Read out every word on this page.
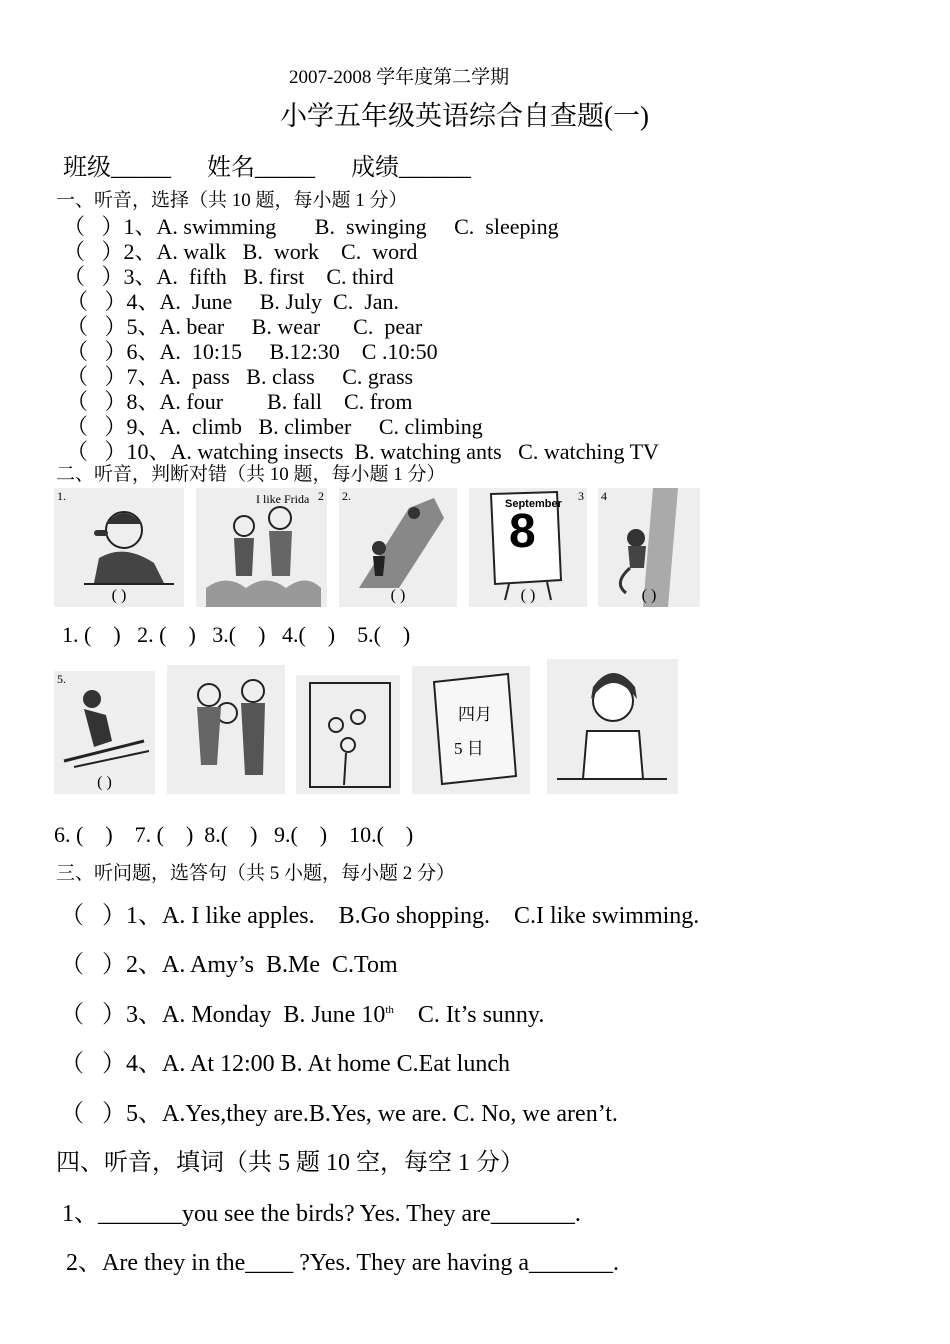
2007-2008 学年度第二学期
小学五年级英语综合自查题(一)
班级_____      姓名_____      成绩______
一、听音，选择（共 10 题，每小题 1 分）
（   ）1、A. swimming       B.  swinging     C.  sleeping
（   ）2、A. walk   B.  work    C.  word
（   ）3、A.  fifth   B. first    C. third
（   ）4、A.  June     B. July  C.  Jan.
（   ）5、A. bear     B. wear      C.  pear
（   ）6、A.  10:15     B.12:30    C .10:50
（   ）7、A.  pass   B. class     C. grass
（   ）8、A. four        B. fall    C. from
（   ）9、A.  climb   B. climber     C. climbing
（   ）10、A. watching insects  B. watching ants   C. watching TV
二、听音，判断对错（共 10 题，每小题 1 分）
1.
( )
2
I like Frida	2.
( )
3
September
8
( )
4
( )
1. (    )   2. (    )   3.(    )   4.(    )    5.(    )
5.
( )
四月
5 日
6. (    )    7. (    )  8.(    )   9.(    )    10.(    )
三、听问题，选答句（共 5 小题，每小题 2 分）
（   ）1、A. I like apples.    B.Go shopping.    C.I like swimming.
（   ）2、A. Amy’s  B.Me  C.Tom
（   ）3、A. Monday  B. June 10th    C. It’s sunny.
（   ）4、A. At 12:00 B. At home C.Eat lunch
（   ）5、A.Yes,they are.B.Yes, we are. C. No, we aren’t.
四、听音，填词（共 5 题 10 空，每空 1 分）
1、_______you see the birds? Yes. They are_______.
2、Are they in the____ ?Yes. They are having a_______.
